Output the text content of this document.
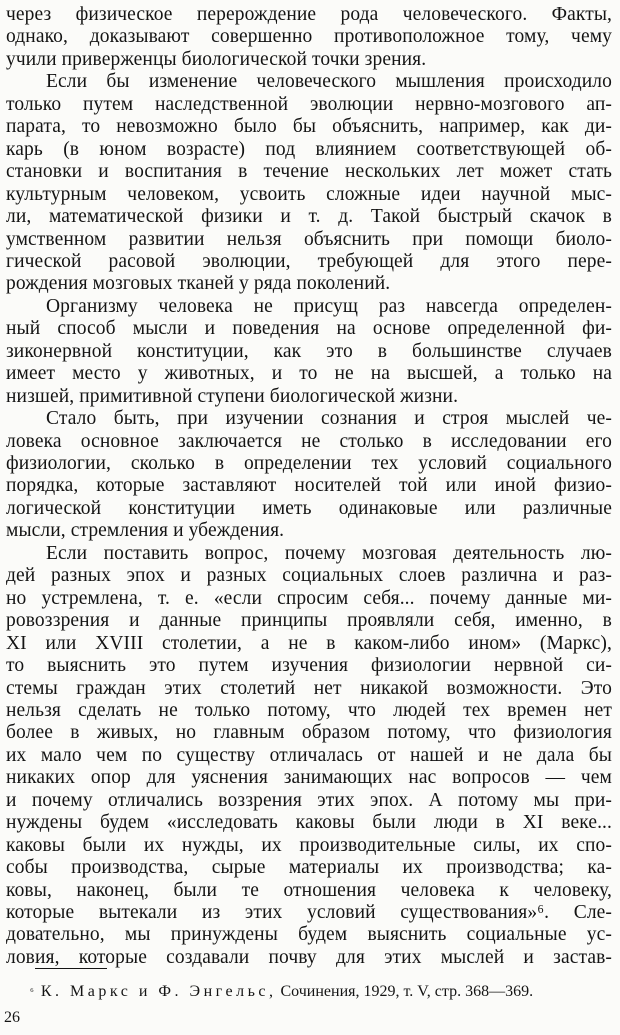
через физическое перерождение рода человеческого. Факты,
однако, доказывают совершенно противоположное тому, чему
учили приверженцы биологической точки зрения.
Если бы изменение человеческого мышления происходило
только путем наследственной эволюции нервно-мозгового ап-
парата, то невозможно было бы объяснить, например, как ди-
карь (в юном возрасте) под влиянием соответствующей об-
становки и воспитания в течение нескольких лет может стать
культурным человеком, усвоить сложные идеи научной мыс-
ли, математической физики и т. д. Такой быстрый скачок в
умственном развитии нельзя объяснить при помощи биоло-
гической расовой эволюции, требующей для этого пере-
рождения мозговых тканей у ряда поколений.
Организму человека не присущ раз навсегда определен-
ный способ мысли и поведения на основе определенной фи-
зиконервной конституции, как это в большинстве случаев
имеет место у животных, и то не на высшей, а только на
низшей, примитивной ступени биологической жизни.
Стало быть, при изучении сознания и строя мыслей че-
ловека основное заключается не столько в исследовании его
физиологии, сколько в определении тех условий социального
порядка, которые заставляют носителей той или иной физио-
логической конституции иметь одинаковые или различные
мысли, стремления и убеждения.
Если поставить вопрос, почему мозговая деятельность лю-
дей разных эпох и разных социальных слоев различна и раз-
но устремлена, т. е. «если спросим себя... почему данные ми-
ровоззрения и данные принципы проявляли себя, именно, в
XI или XVIII столетии, а не в каком-либо ином» (Маркс),
то выяснить это путем изучения физиологии нервной си-
стемы граждан этих столетий нет никакой возможности. Это
нельзя сделать не только потому, что людей тех времен нет
более в живых, но главным образом потому, что физиология
их мало чем по существу отличалась от нашей и не дала бы
никаких опор для уяснения занимающих нас вопросов — чем
и почему отличались воззрения этих эпох. А потому мы при-
нуждены будем «исследовать каковы были люди в XI веке...
каковы были их нужды, их производительные силы, их спо-
собы производства, сырые материалы их производства; ка-
ковы, наконец, были те отношения человека к человеку,
которые вытекали из этих условий существования»⁶. Сле-
довательно, мы принуждены будем выяснить социальные ус-
ловия, которые создавали почву для этих мыслей и застав-
$^{^6}$ К. Маркс и Ф. Энгельс, Сочинения, 1929, т. V, стр. 368—369.
26
